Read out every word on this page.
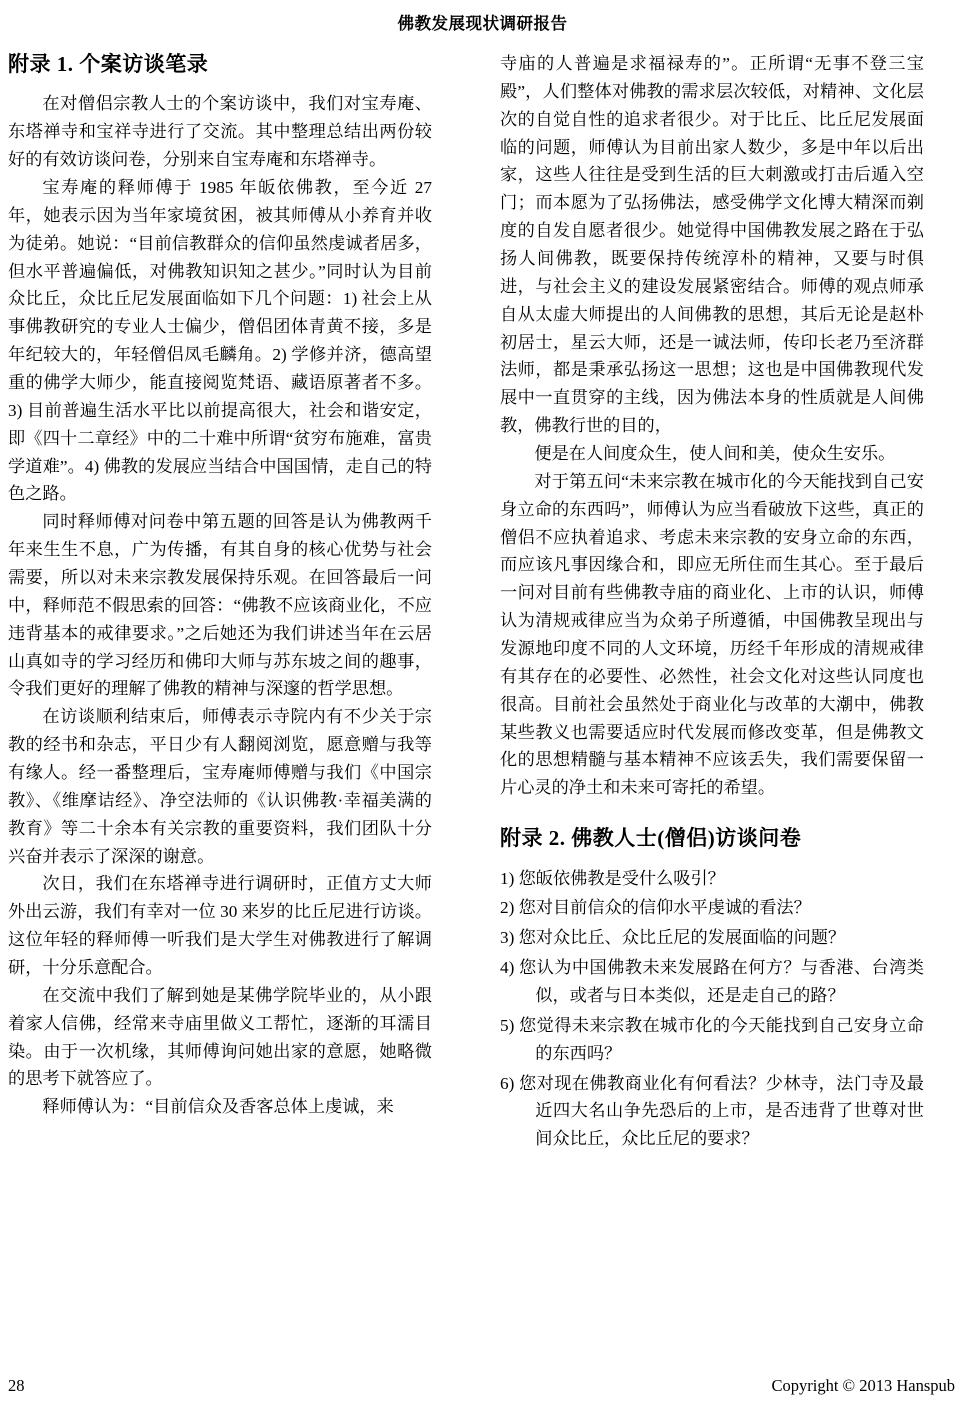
佛教发展现状调研报告
附录 1. 个案访谈笔录

在对僧侣宗教人士的个案访谈中，我们对宝寿庵、东塔禅寺和宝祥寺进行了交流。其中整理总结出两份较好的有效访谈问卷，分别来自宝寿庵和东塔禅寺。

宝寿庵的释师傅于 1985 年皈依佛教，至今近 27 年，她表示因为当年家境贫困，被其师傅从小养育并收为徒弟。她说：“目前信教群众的信仰虽然虔诚者居多，但水平普遍偏低，对佛教知识知之甚少。”同时认为目前众比丘，众比丘尼发展面临如下几个问题：1) 社会上从事佛教研究的专业人士偏少，僧侣团体青黄不接，多是年纪较大的，年轻僧侣凤毛麟角。2) 学修并济，德高望重的佛学大师少，能直接阅览梵语、藏语原著者不多。3) 目前普遍生活水平比以前提高很大，社会和谐安定，即《四十二章经》中的二十难中所谓“贫穷布施难，富贵学道难”。4) 佛教的发展应当结合中国国情，走自己的特色之路。

同时释师傅对问卷中第五题的回答是认为佛教两千年来生生不息，广为传播，有其自身的核心优势与社会需要，所以对未来宗教发展保持乐观。在回答最后一问中，释师范不假思索的回答：“佛教不应该商业化，不应违背基本的戒律要求。”之后她还为我们讲述当年在云居山真如寺的学习经历和佛印大师与苏东坡之间的趣事，令我们更好的理解了佛教的精神与深邃的哲学思想。

在访谈顺利结束后，师傅表示寺院内有不少关于宗教的经书和杂志，平日少有人翻阅浏览，愿意赠与我等有缘人。经一番整理后，宝寿庵师傅赠与我们《中国宗教》、《维摩诘经》、净空法师的《认识佛教·幸福美满的教育》等二十余本有关宗教的重要资料，我们团队十分兴奋并表示了深深的谢意。

次日，我们在东塔禅寺进行调研时，正值方丈大师外出云游，我们有幸对一位 30 来岁的比丘尼进行访谈。这位年轻的释师傅一听我们是大学生对佛教进行了解调研，十分乐意配合。

在交流中我们了解到她是某佛学院毕业的，从小跟着家人信佛，经常来寺庙里做义工帮忙，逐渐的耳濡目染。由于一次机缘，其师傅询问她出家的意愿，她略微的思考下就答应了。

释师傅认为：“目前信众及香客总体上虔诚，来

寺庙的人普遍是求福禄寿的”。正所谓“无事不登三宝殿”，人们整体对佛教的需求层次较低，对精神、文化层次的自觉自性的追求者很少。对于比丘、比丘尼发展面临的问题，师傅认为目前出家人数少，多是中年以后出家，这些人往往是受到生活的巨大刺激或打击后遁入空门；而本愿为了弘扬佛法，感受佛学文化博大精深而剃度的自发自愿者很少。她觉得中国佛教发展之路在于弘扬人间佛教，既要保持传统淳朴的精神，又要与时俱进，与社会主义的建设发展紧密结合。师傅的观点师承自从太虚大师提出的人间佛教的思想，其后无论是赵朴初居士，星云大师，还是一诚法师，传印长老乃至济群法师，都是秉承弘扬这一思想；这也是中国佛教现代发展中一直贯穿的主线，因为佛法本身的性质就是人间佛教，佛教行世的目的，

便是在人间度众生，使人间和美，使众生安乐。

对于第五问“未来宗教在城市化的今天能找到自己安身立命的东西吗”，师傅认为应当看破放下这些，真正的僧侣不应执着追求、考虑未来宗教的安身立命的东西，而应该凡事因缘合和，即应无所住而生其心。至于最后一问对目前有些佛教寺庙的商业化、上市的认识，师傅认为清规戒律应当为众弟子所遵循，中国佛教呈现出与发源地印度不同的人文环境，历经千年形成的清规戒律有其存在的必要性、必然性，社会文化对这些认同度也很高。目前社会虽然处于商业化与改革的大潮中，佛教某些教义也需要适应时代发展而修改变革，但是佛教文化的思想精髓与基本精神不应该丢失，我们需要保留一片心灵的净土和未来可寄托的希望。

附录 2. 佛教人士(僧侣)访谈问卷
1) 您皈依佛教是受什么吸引？
2) 您对目前信众的信仰水平虔诚的看法？
3) 您对众比丘、众比丘尼的发展面临的问题？
4) 您认为中国佛教未来发展路在何方？与香港、台湾类似，或者与日本类似，还是走自己的路？
5) 您觉得未来宗教在城市化的今天能找到自己安身立命的东西吗？
6) 您对现在佛教商业化有何看法？少林寺，法门寺及最近四大名山争先恐后的上市，是否违背了世尊对世间众比丘，众比丘尼的要求？
28	Copyright © 2013 Hanspub
